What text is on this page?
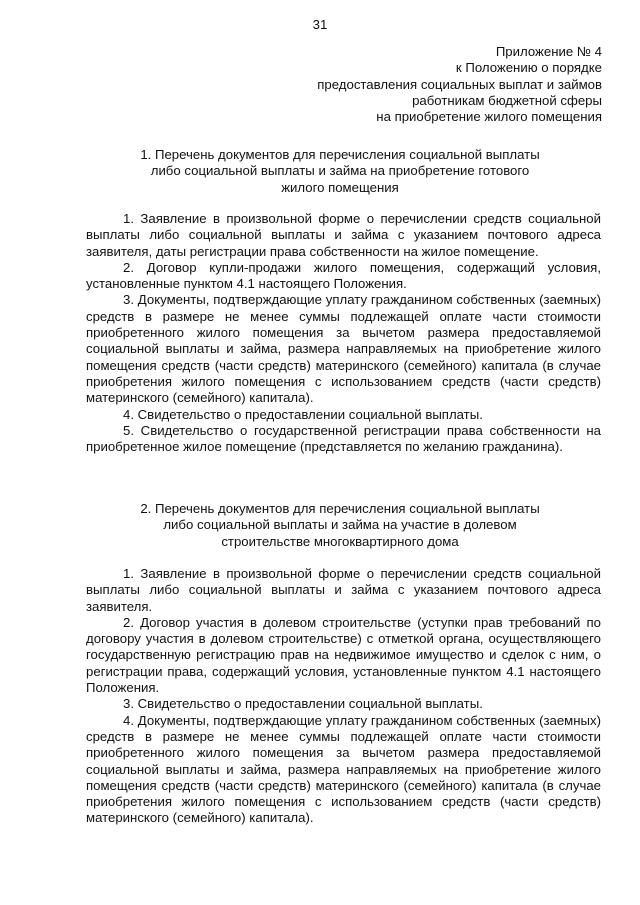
31
Приложение № 4
к Положению о порядке
предоставления социальных выплат и займов
работникам бюджетной сферы
на приобретение жилого помещения
1. Перечень документов для перечисления социальной выплаты
либо социальной выплаты и займа на приобретение готового
жилого помещения

1. Заявление в произвольной форме о перечислении средств социальной выплаты либо социальной выплаты и займа с указанием почтового адреса заявителя, даты регистрации права собственности на жилое помещение.

2. Договор купли-продажи жилого помещения, содержащий условия, установленные пунктом 4.1 настоящего Положения.

3. Документы, подтверждающие уплату гражданином собственных (заемных) средств в размере не менее суммы подлежащей оплате части стоимости приобретенного жилого помещения за вычетом размера предоставляемой социальной выплаты и займа, размера направляемых на приобретение жилого помещения средств (части средств) материнского (семейного) капитала (в случае приобретения жилого помещения с использованием средств (части средств) материнского (семейного) капитала).

4. Свидетельство о предоставлении социальной выплаты.

5. Свидетельство о государственной регистрации права собственности на приобретенное жилое помещение (представляется по желанию гражданина).

2. Перечень документов для перечисления социальной выплаты
либо социальной выплаты и займа на участие в долевом
строительстве многоквартирного дома

1. Заявление в произвольной форме о перечислении средств социальной выплаты либо социальной выплаты и займа с указанием почтового адреса заявителя.

2. Договор участия в долевом строительстве (уступки прав требований по договору участия в долевом строительстве) с отметкой органа, осуществляющего государственную регистрацию прав на недвижимое имущество и сделок с ним, о регистрации права, содержащий условия, установленные пунктом 4.1 настоящего Положения.

3. Свидетельство о предоставлении социальной выплаты.

4. Документы, подтверждающие уплату гражданином собственных (заемных) средств в размере не менее суммы подлежащей оплате части стоимости приобретенного жилого помещения за вычетом размера предоставляемой социальной выплаты и займа, размера направляемых на приобретение жилого помещения средств (части средств) материнского (семейного) капитала (в случае приобретения жилого помещения с использованием средств (части средств) материнского (семейного) капитала).
